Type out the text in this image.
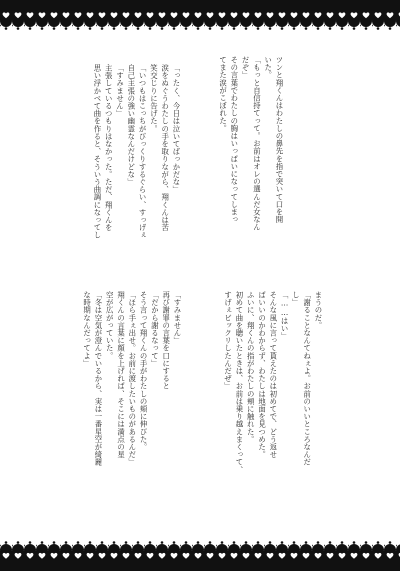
ツンと翔くんはわたしの鼻先を指で突いて口を開
いた。
「もっと自信持てって。お前はオレの選んだ女なん
だぞ」
その言葉でわたしの胸はいっぱいになってしまっ
てまた涙がこぼれた。
「ったく、今日は泣いてばっかだな」
涙をぬぐうわたしの手を取りながら、翔くんは苦
笑交じりに告げた。
「いつもはこっちがびっくりするぐらい、すっげぇ
自己主張の強い幽霊なんだけどな」
「すみません」
主張しているつもりはなかった。ただ、翔くんを
思い浮かべて曲を作ると、そういう曲調になってし
まうのだ。
「謝ることなんてねぇよ。お前のいいところなんだ
し」
「……はい」
そんな風に言って貰えたのは初めてで、どう返せ
ばいいのかわからず、わたしは地面を見つめた。
ふいに、翔くんの指がわたしの頬に触れた。
初めて曲を聴いたときは、お前は乗り越えまくって、
すげぇビックリしたんだぜ」
「すみません」
再び謝罪の言葉を口にすると
「だから謝るなって」
そう言って翔くんの手がわたしの頬に伸びた。
「ほら手ぇ出せ。お前に渡したいものがあるんだ」
翔くんの言葉に顔を上げれば、そこには満点の星
空が広がっていた。
「冬は空気が澄んでいるから、実は一番星空が綺麗
な時期なんだってよ」
